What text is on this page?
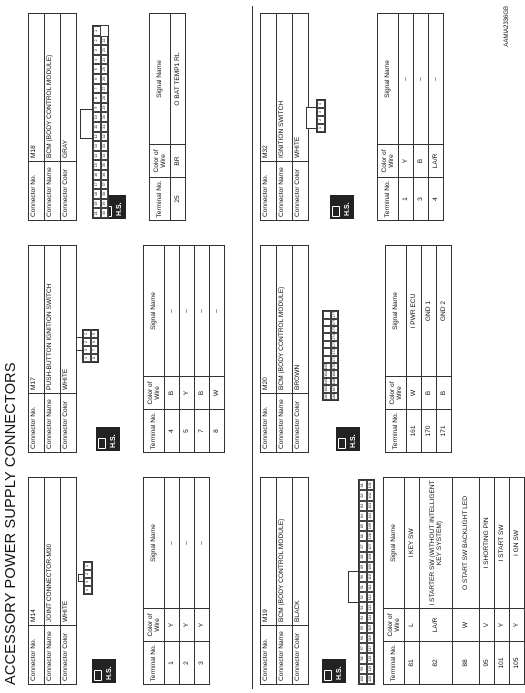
ACCESSORY POWER SUPPLY CONNECTORS Connector No.	M14
Connector Name	JOINT CONNECTOR-M30
Connector Color	WHITE
H.S.
4
3
2
1
Terminal No.	Color of Wire	Signal Name
1	Y	–
2	Y	–
3	Y	–
Connector No.	M17
Connector Name	PUSH-BUTTON IGNITION SWITCH
Connector Color	WHITE
H.S.
4
3
2
1
8
7
6
5
Terminal No.	Color of Wire	Signal Name
4	B	–
5	Y	–
7	B	–
8	W	–
Connector No.	M18
Connector Name	BCM (BODY CONTROL MODULE)
Connector Color	GRAY
H.S.
21
19
18
17
16
15
14
13
12
11
10
9
8
7
6
5
4
3
2
1
40
39
38
37
36
35
34
33
32
31
30
29
28
27
26
25
24
23
22
Terminal No.	Color of Wire	Signal Name
25	BR	O BAT TEMP1 RL
Connector No.	M19
Connector Name	BCM (BODY CONTROL MODULE)
Connector Color	BLACK
H.S.	100
99
98
97
96
95
94
93
92
91
90
89
88
87
86
85
84
83
82
81
120
119
118
117
116
115
114
113
112
111
110
109
108
107
106
105
104
103
102
101
Terminal No.	Color of Wire	Signal Name
81	L	I KEY SW
82	LA/R	I STARTER SW (WITHOUT INTELLIGENT KEY SYSTEM)
88	W	O START SW BACKLIGHT LED
95	V	I SHORTING PIN
101	Y	I START SW
105	Y	I GN SW
Connector No.	M20
Connector Name	BCM (BODY CONTROL MODULE)
Connector Color	BROWN
H.S.
161
162
163
164
165
166
167
168
169
170
171
172
173
174
175
176
177
Terminal No.	Color of Wire	Signal Name
161	W	I PWR ECU
170	B	GND 1
171	B	GND 2
Connector No.	M32
Connector Name	IGNITION SWITCH
Connector Color	WHITE
H.S.
1
2
3
4
Terminal No.	Color of Wire	Signal Name
1	Y	–
3	B	–
4	LA/R	–
AAMIA2336GB
